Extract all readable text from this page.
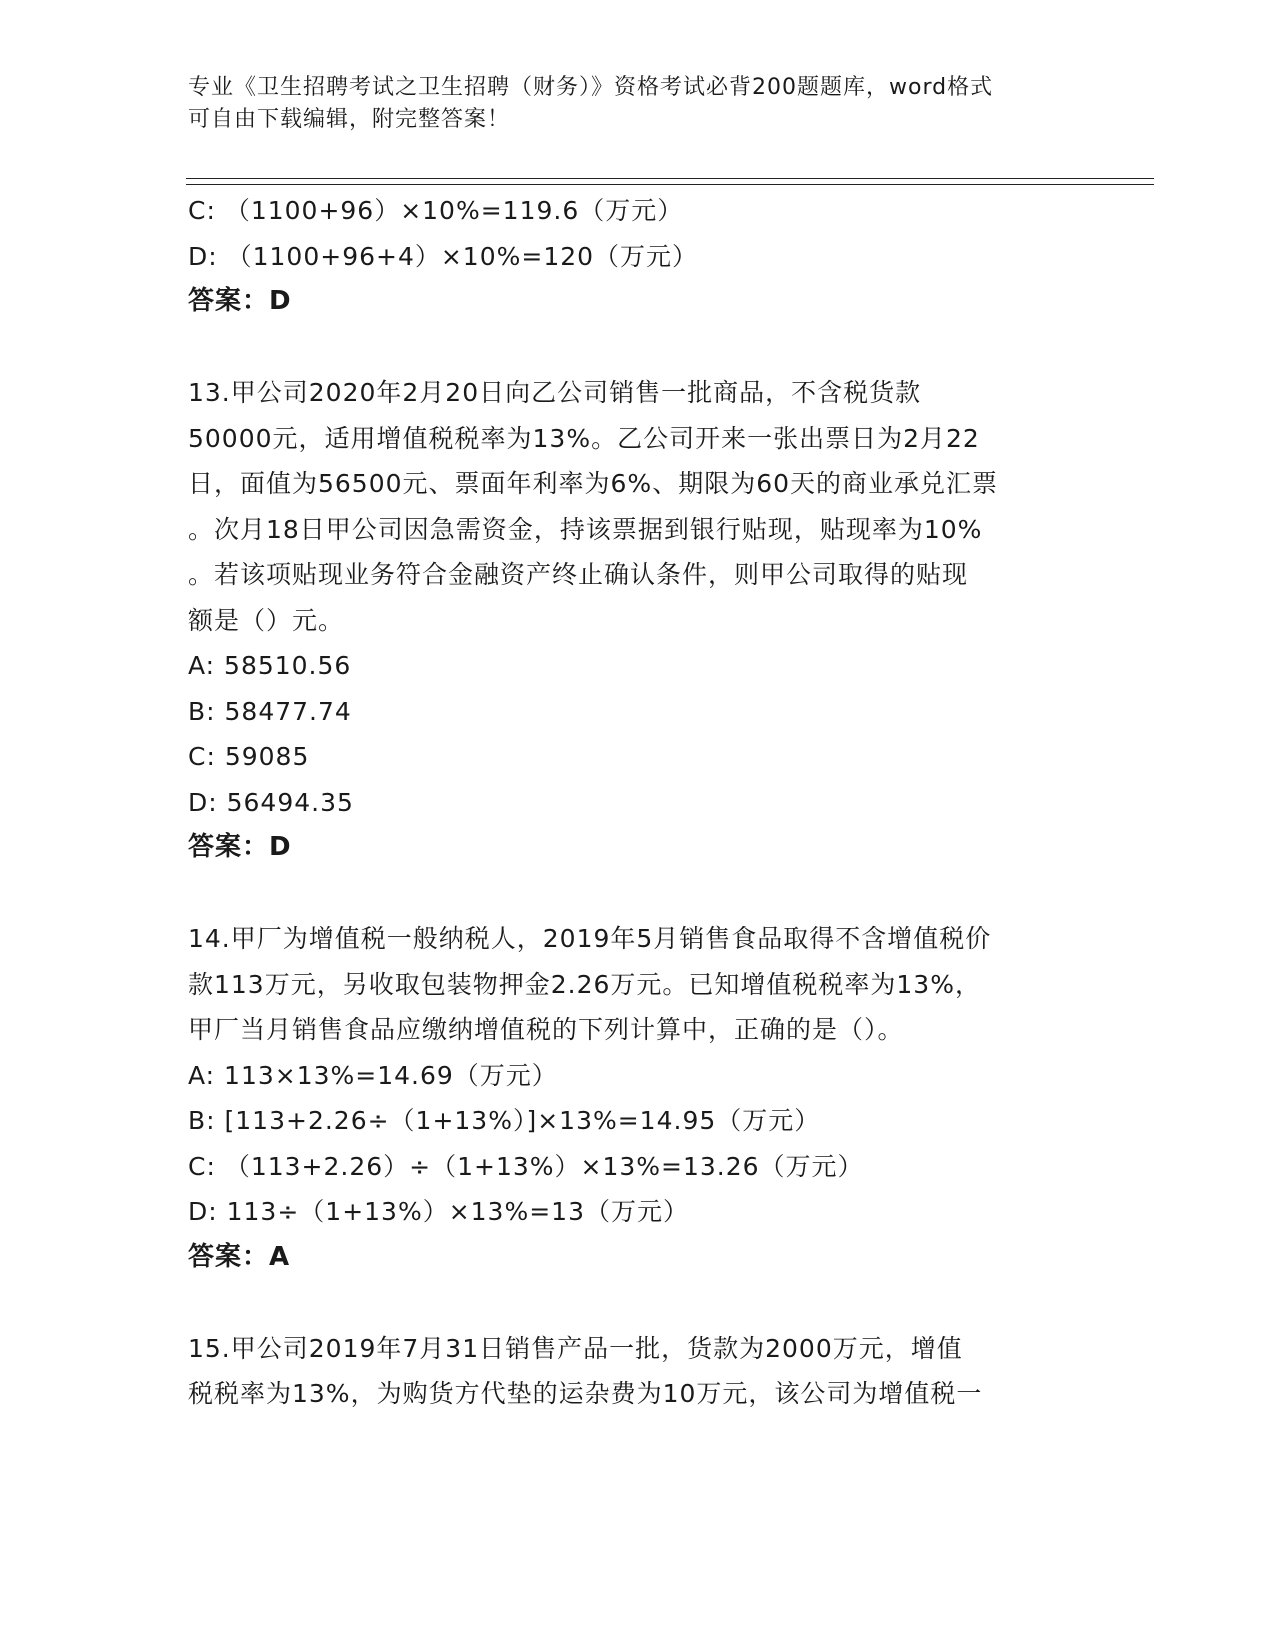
专业《卫生招聘考试之卫生招聘（财务）》资格考试必背200题题库，word格式
可自由下载编辑，附完整答案！
C: （1100+96）×10%=119.6（万元）
D: （1100+96+4）×10%=120（万元）
答案：D
13.甲公司2020年2月20日向乙公司销售一批商品，不含税货款
50000元，适用增值税税率为13%。乙公司开来一张出票日为2月22
日，面值为56500元、票面年利率为6%、期限为60天的商业承兑汇票
。次月18日甲公司因急需资金，持该票据到银行贴现，贴现率为10%
。若该项贴现业务符合金融资产终止确认条件，则甲公司取得的贴现
额是（）元。
A: 58510.56
B: 58477.74
C: 59085
D: 56494.35
答案：D
14.甲厂为增值税一般纳税人，2019年5月销售食品取得不含增值税价
款113万元，另收取包装物押金2.26万元。已知增值税税率为13%，
甲厂当月销售食品应缴纳增值税的下列计算中，正确的是（）。
A: 113×13%=14.69（万元）
B: [113+2.26÷（1+13%）]×13%=14.95（万元）
C: （113+2.26）÷（1+13%）×13%=13.26（万元）
D: 113÷（1+13%）×13%=13（万元）
答案：A
15.甲公司2019年7月31日销售产品一批，货款为2000万元，增值
税税率为13%，为购货方代垫的运杂费为10万元，该公司为增值税一
